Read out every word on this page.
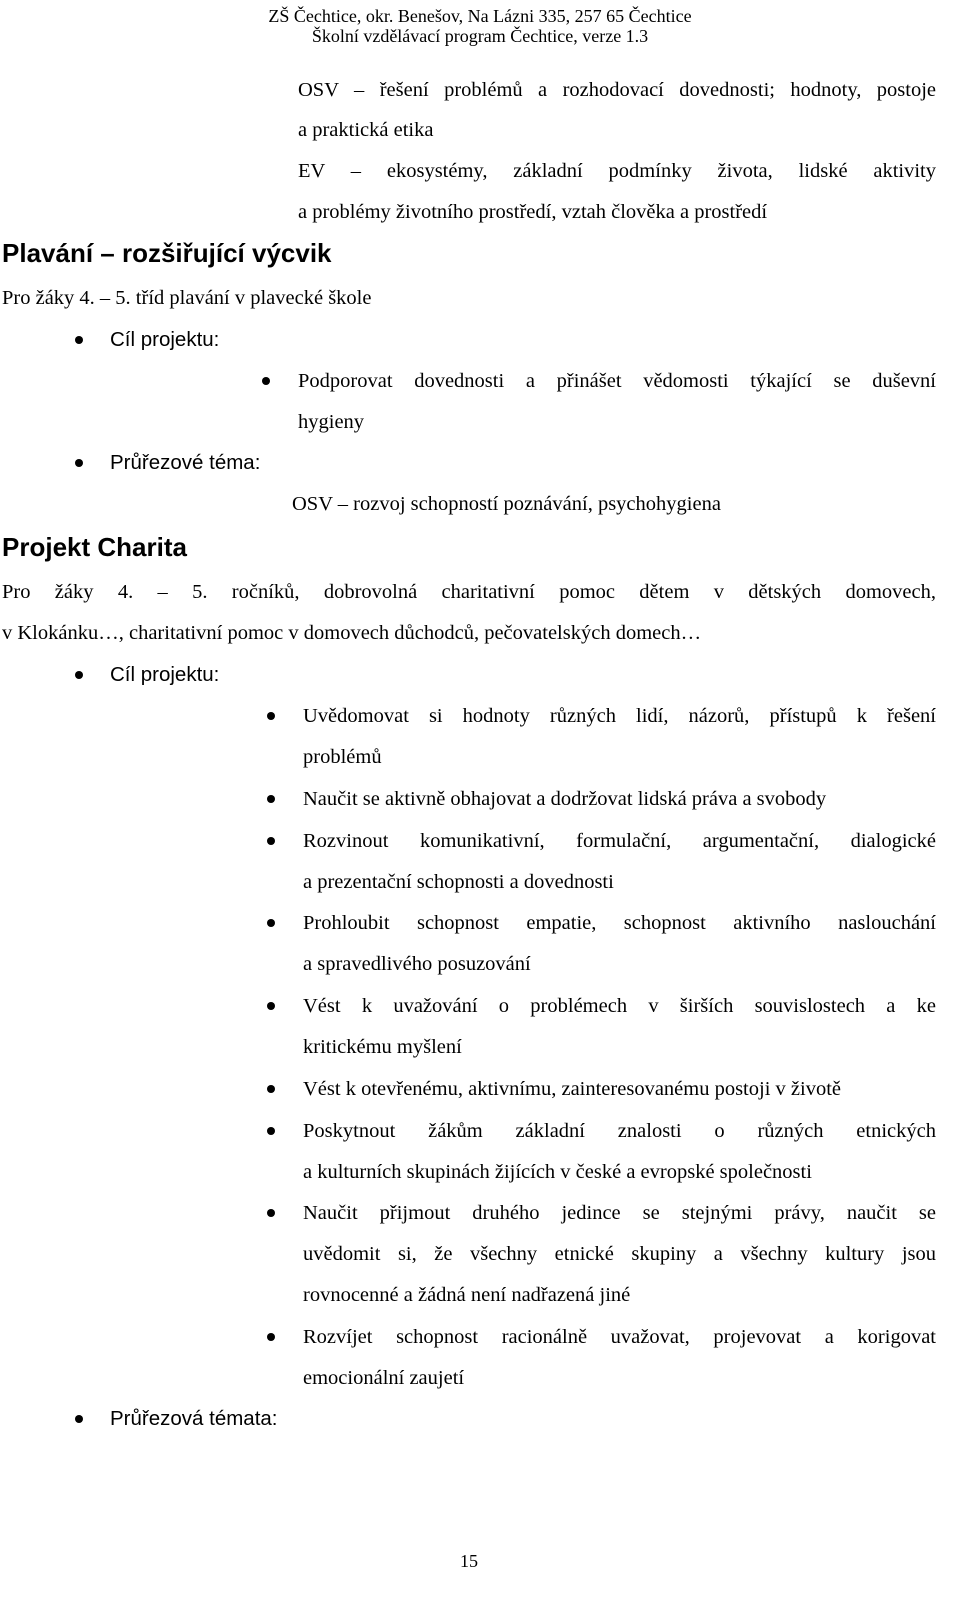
ZŠ Čechtice, okr. Benešov, Na Lázni 335, 257 65 Čechtice
Školní vzdělávací program Čechtice, verze 1.3
OSV – řešení problémů a rozhodovací dovednosti; hodnoty, postoje
a praktická etika
EV – ekosystémy, základní podmínky života, lidské aktivity
a problémy životního prostředí, vztah člověka a prostředí
Plavání – rozšiřující výcvik
Pro žáky 4. – 5. tříd plavání v plavecké škole
Cíl projektu:
Podporovat dovednosti a přinášet vědomosti týkající se duševní
hygieny
Průřezové téma:
OSV – rozvoj schopností poznávání, psychohygiena
Projekt Charita
Pro žáky 4. – 5. ročníků, dobrovolná charitativní pomoc dětem v dětských domovech,
v Klokánku…, charitativní pomoc v domovech důchodců, pečovatelských domech…
Cíl projektu:
Uvědomovat si hodnoty různých lidí, názorů, přístupů k řešení
problémů
Naučit se aktivně obhajovat a dodržovat lidská práva a svobody
Rozvinout komunikativní, formulační, argumentační, dialogické
a prezentační schopnosti a dovednosti
Prohloubit schopnost empatie, schopnost aktivního naslouchání
a spravedlivého posuzování
Vést k uvažování o problémech v širších souvislostech a ke
kritickému myšlení
Vést k otevřenému, aktivnímu, zainteresovanému postoji v životě
Poskytnout žákům základní znalosti o různých etnických
a kulturních skupinách žijících v české a evropské společnosti
Naučit přijmout druhého jedince se stejnými právy, naučit se
uvědomit si, že všechny etnické skupiny a všechny kultury jsou
rovnocenné a žádná není nadřazená jiné
Rozvíjet schopnost racionálně uvažovat, projevovat a korigovat
emocionální zaujetí
Průřezová témata:
15
